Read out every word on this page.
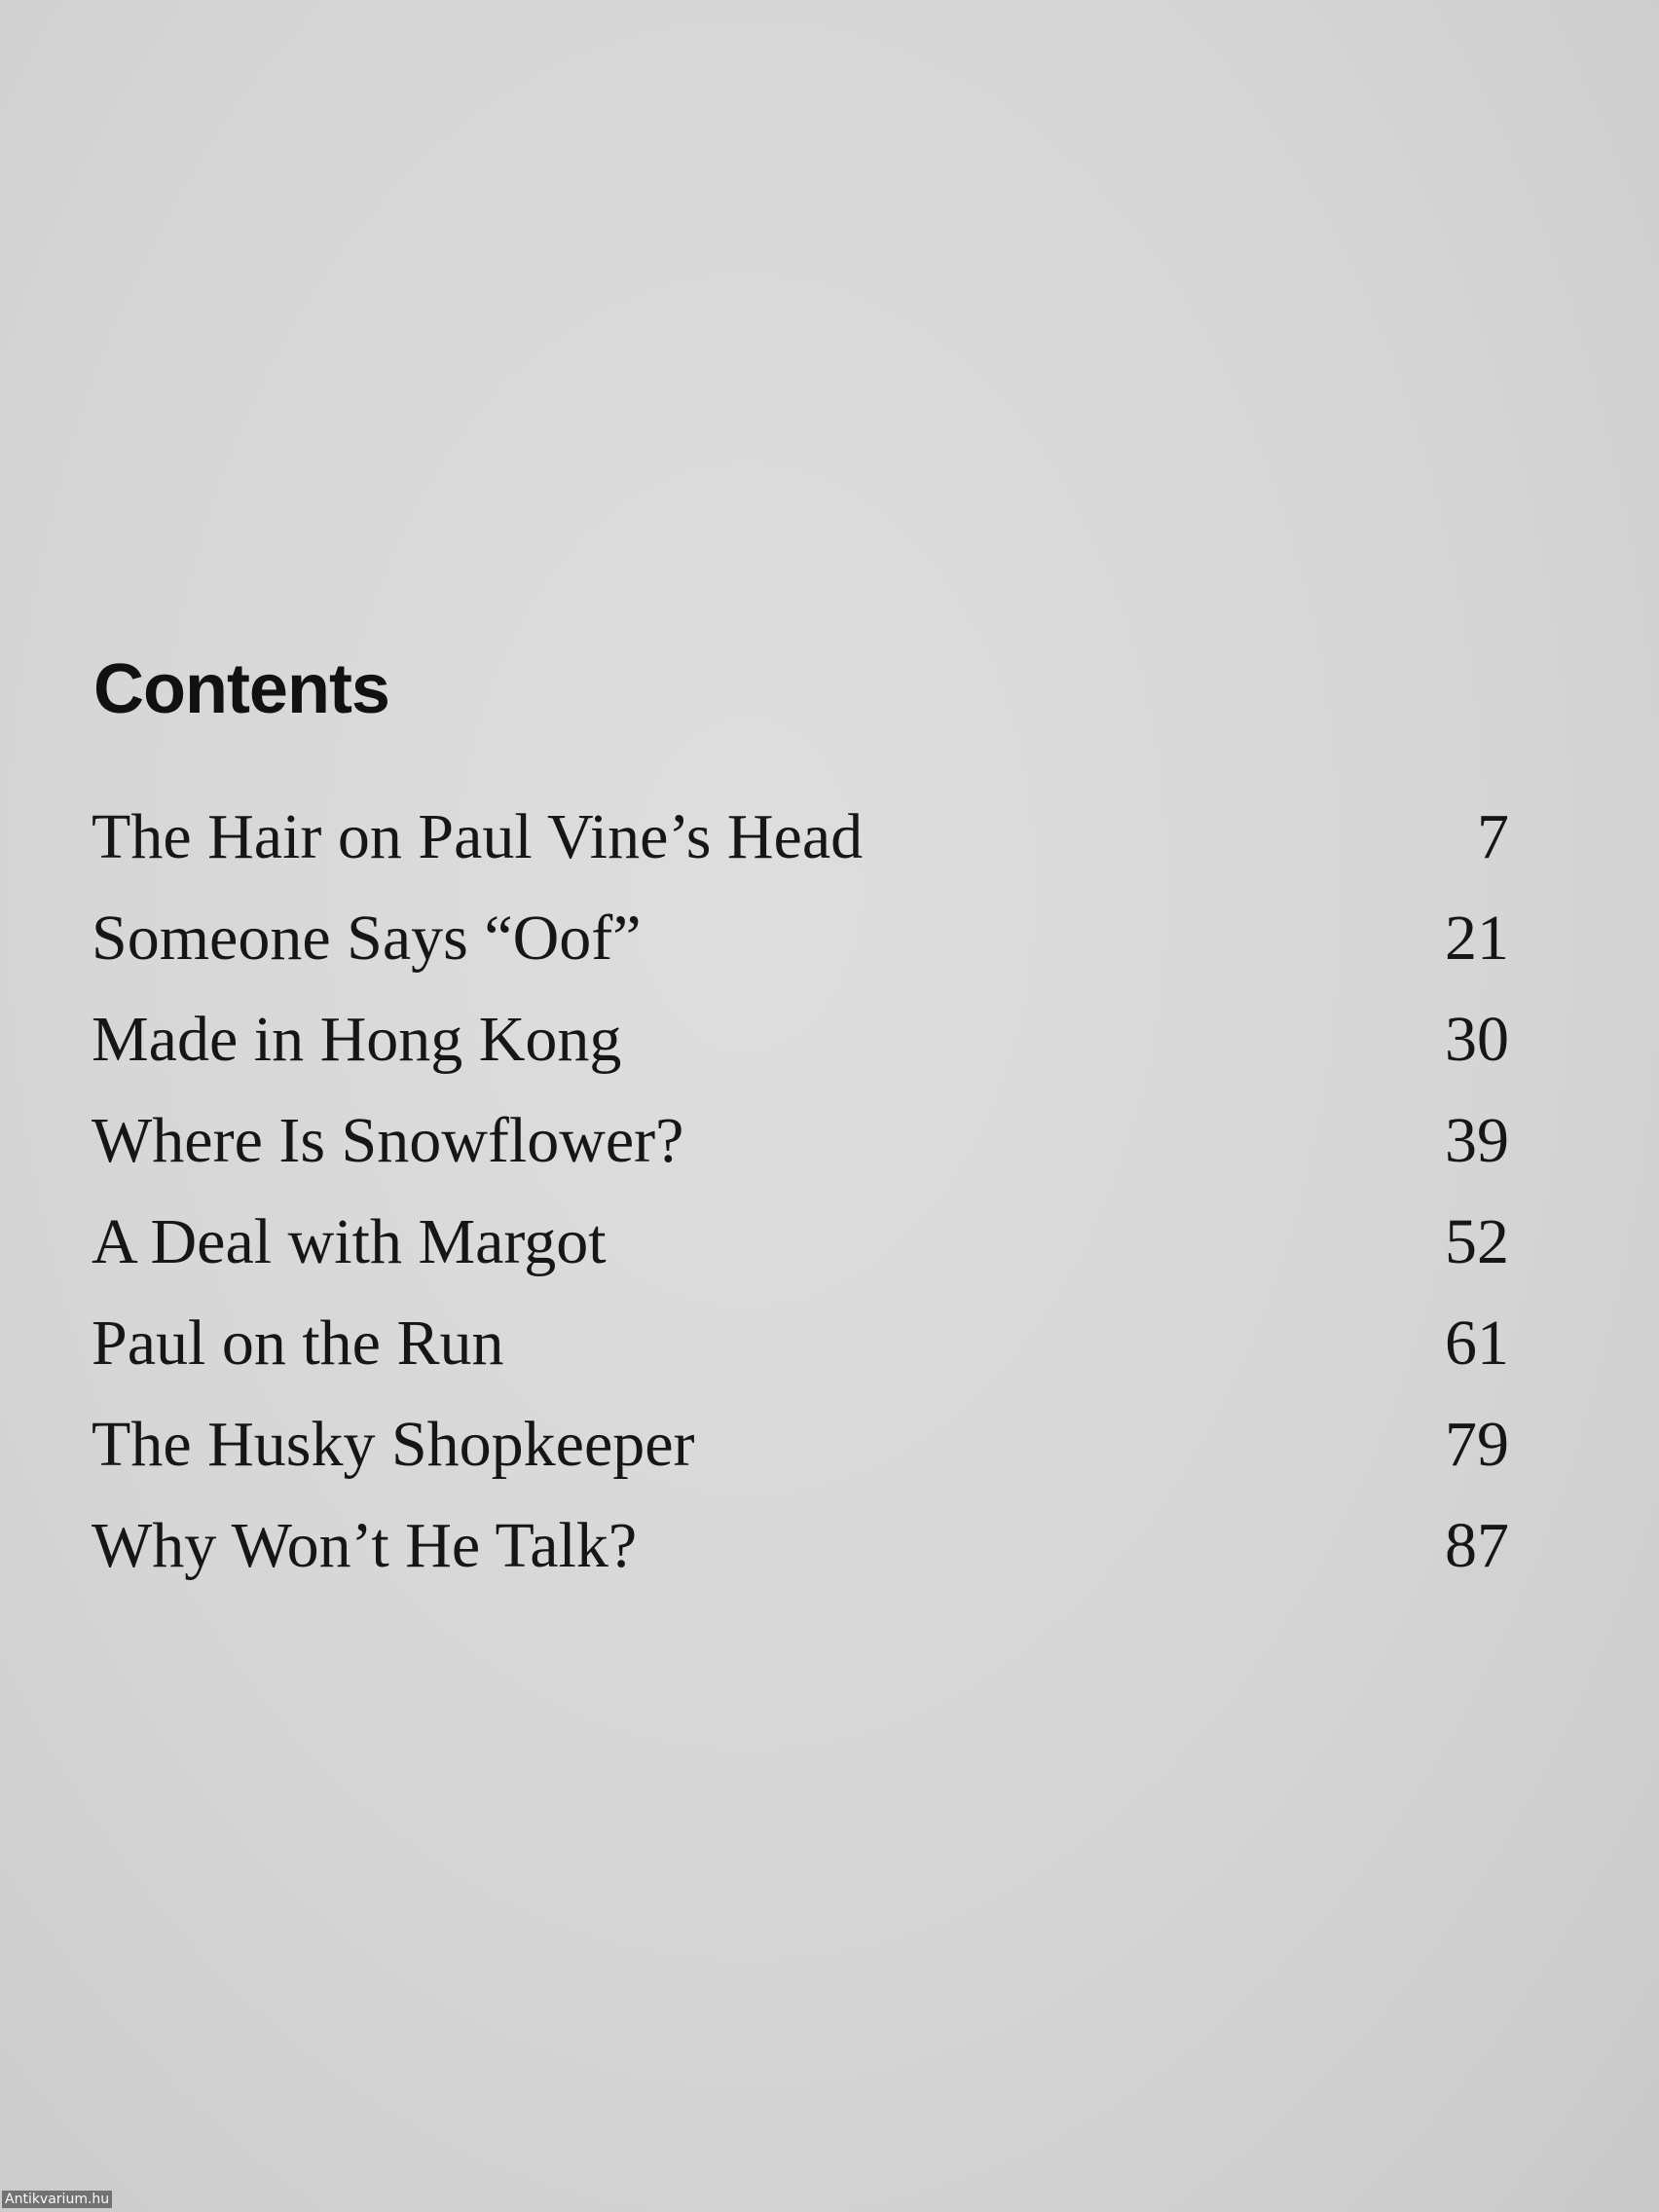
Contents
The Hair on Paul Vine’s Head	7
Someone Says “Oof”	21
Made in Hong Kong	30
Where Is Snowflower?	39
A Deal with Margot	52
Paul on the Run	61
The Husky Shopkeeper	79
Why Won’t He Talk?	87
Antikvarium.hu
